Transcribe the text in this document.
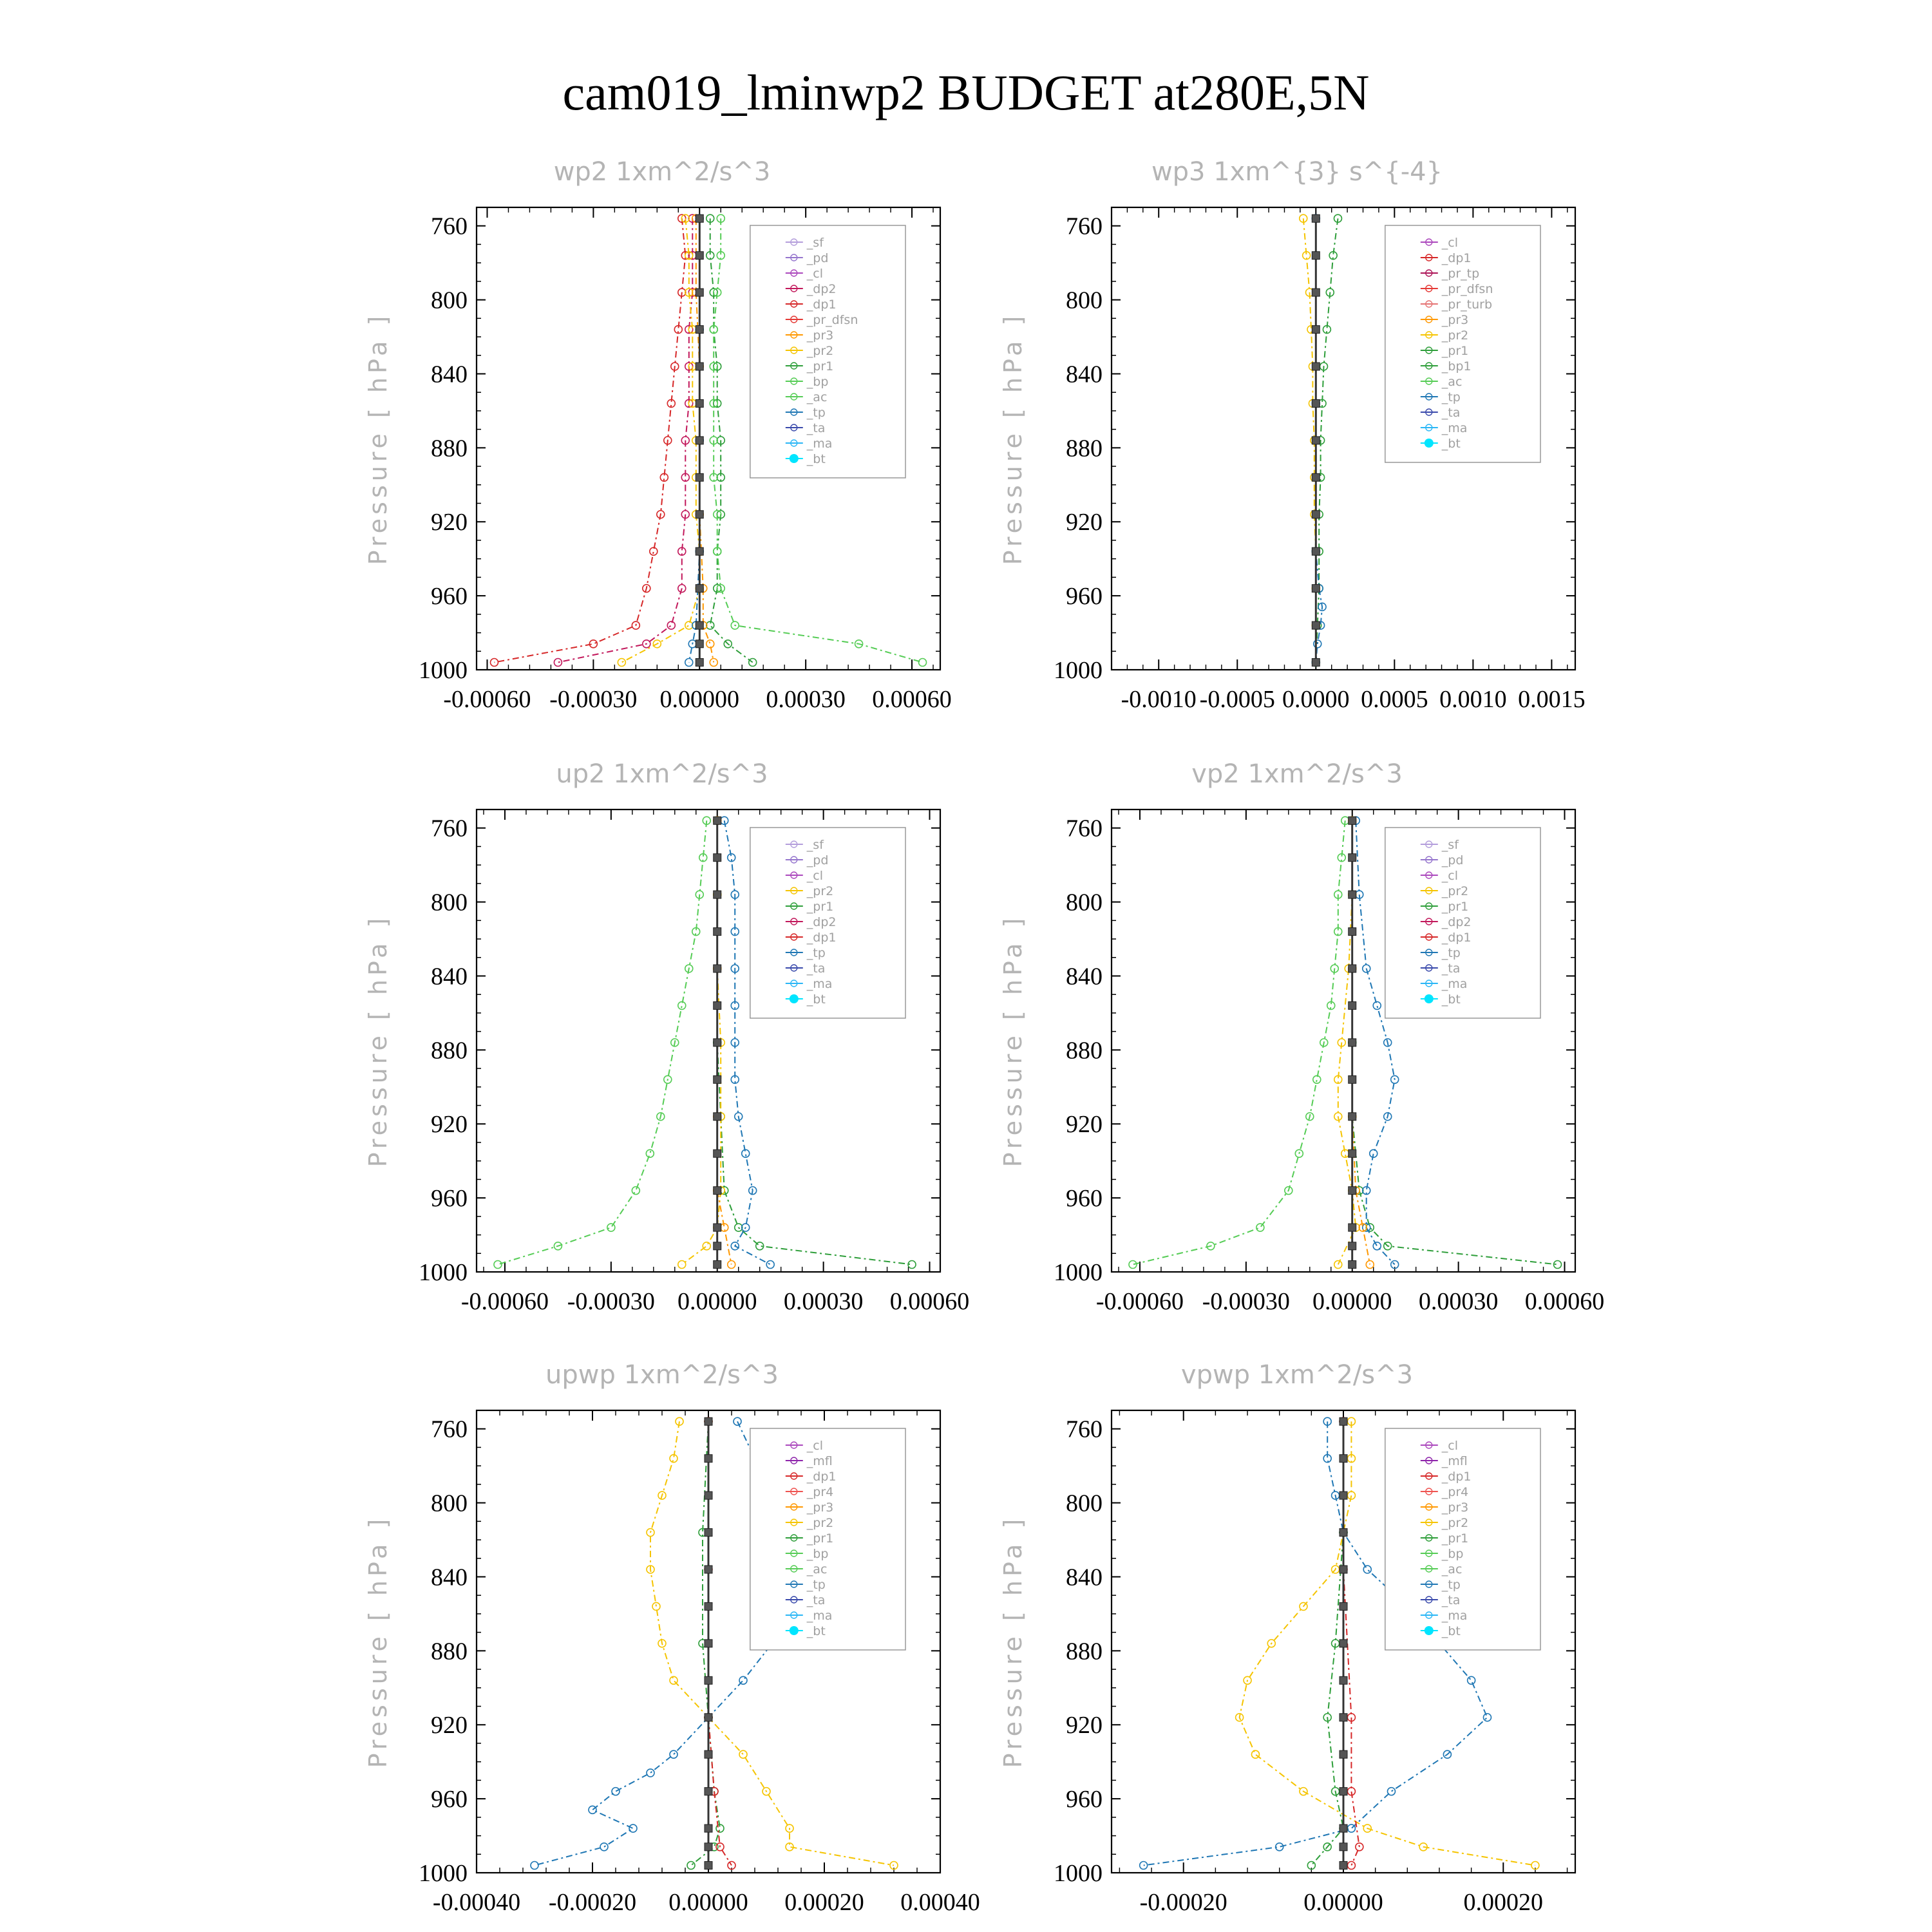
cam019_lminwp2 BUDGET at280E,5N
wp2 1xm^2/s^3
Pressure [ hPa ]
760
800
840
880
920
960
1000
-0.00060 -0.00030 0.00000 0.00030 0.00060
_sf
_pd
_cl
_dp2
_dp1
_pr_dfsn
_pr3
_pr2
_pr1
_bp
_ac
_tp
_ta
_ma
_bt
wp3 1xm^{3} s^{-4}
Pressure [ hPa ]
760
800
840
880
920
960
1000
-0.0010 -0.0005 0.0000 0.0005 0.0010 0.0015
_cl
_dp1
_pr_tp
_pr_dfsn
_pr_turb
_pr3
_pr2
_pr1
_bp1
_ac
_tp
_ta
_ma
_bt
up2 1xm^2/s^3
Pressure [ hPa ]
760
800
840
880
920
960
1000
-0.00060 -0.00030 0.00000 0.00030 0.00060
_sf
_pd
_cl
_pr2
_pr1
_dp2
_dp1
_tp
_ta
_ma
_bt
vp2 1xm^2/s^3
Pressure [ hPa ]
760
800
840
880
920
960
1000
-0.00060 -0.00030 0.00000 0.00030 0.00060
_sf
_pd
_cl
_pr2
_pr1
_dp2
_dp1
_tp
_ta
_ma
_bt
upwp 1xm^2/s^3
Pressure [ hPa ]
760
800
840
880
920
960
1000
-0.00040 -0.00020 0.00000 0.00020 0.00040
_cl
_mfl
_dp1
_pr4
_pr3
_pr2
_pr1
_bp
_ac
_tp
_ta
_ma
_bt
vpwp 1xm^2/s^3
Pressure [ hPa ]
760
800
840
880
920
960
1000
-0.00020	0.00000	0.00020
_cl
_mfl
_dp1
_pr4
_pr3
_pr2
_pr1
_bp
_ac
_tp
_ta
_ma
_bt
